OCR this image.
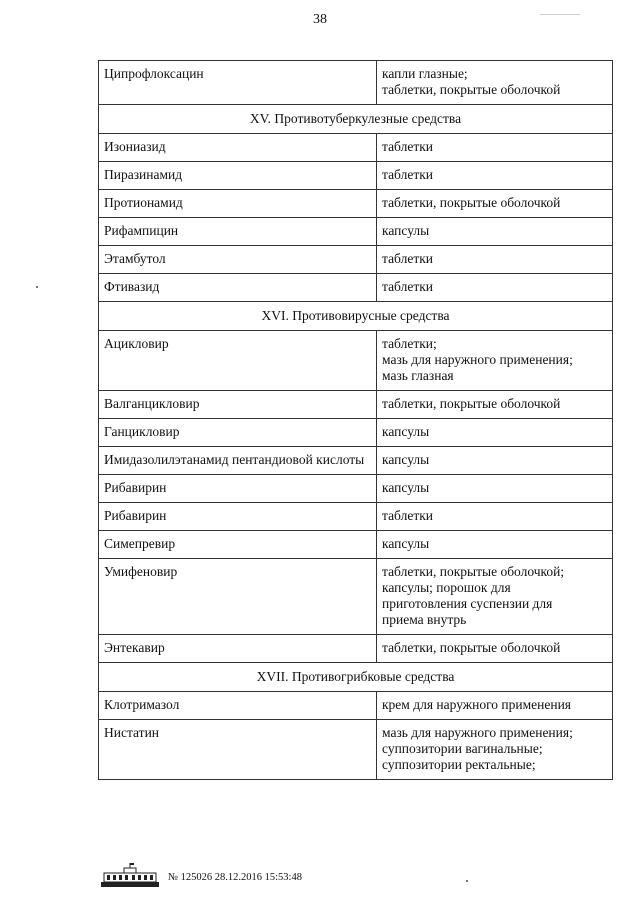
38
Ципрофлоксацин	капли глазные;
таблетки, покрытые оболочкой

XV. Противотуберкулезные средства	
Изониазид	таблетки

Пиразинамид	таблетки

Протионамид	таблетки, покрытые оболочкой

Рифампицин	капсулы

Этамбутол	таблетки

Фтивазид	таблетки

XVI. Противовирусные средства	
Ацикловир	таблетки;
мазь для наружного применения;
мазь глазная

Валганцикловир	таблетки, покрытые оболочкой

Ганцикловир	капсулы

Имидазолилэтанамид пентандиовой кислоты	капсулы

Рибавирин	капсулы

Рибавирин	таблетки

Симепревир	капсулы

Умифеновир	таблетки, покрытые оболочкой;
капсулы; порошок для
приготовления суспензии для
приема внутрь

Энтекавир	таблетки, покрытые оболочкой

XVII. Противогрибковые средства	
Клотримазол	крем для наружного применения

Нистатин	мазь для наружного применения;
суппозитории вагинальные;
суппозитории ректальные;
№ 125026 28.12.2016 15:53:48
